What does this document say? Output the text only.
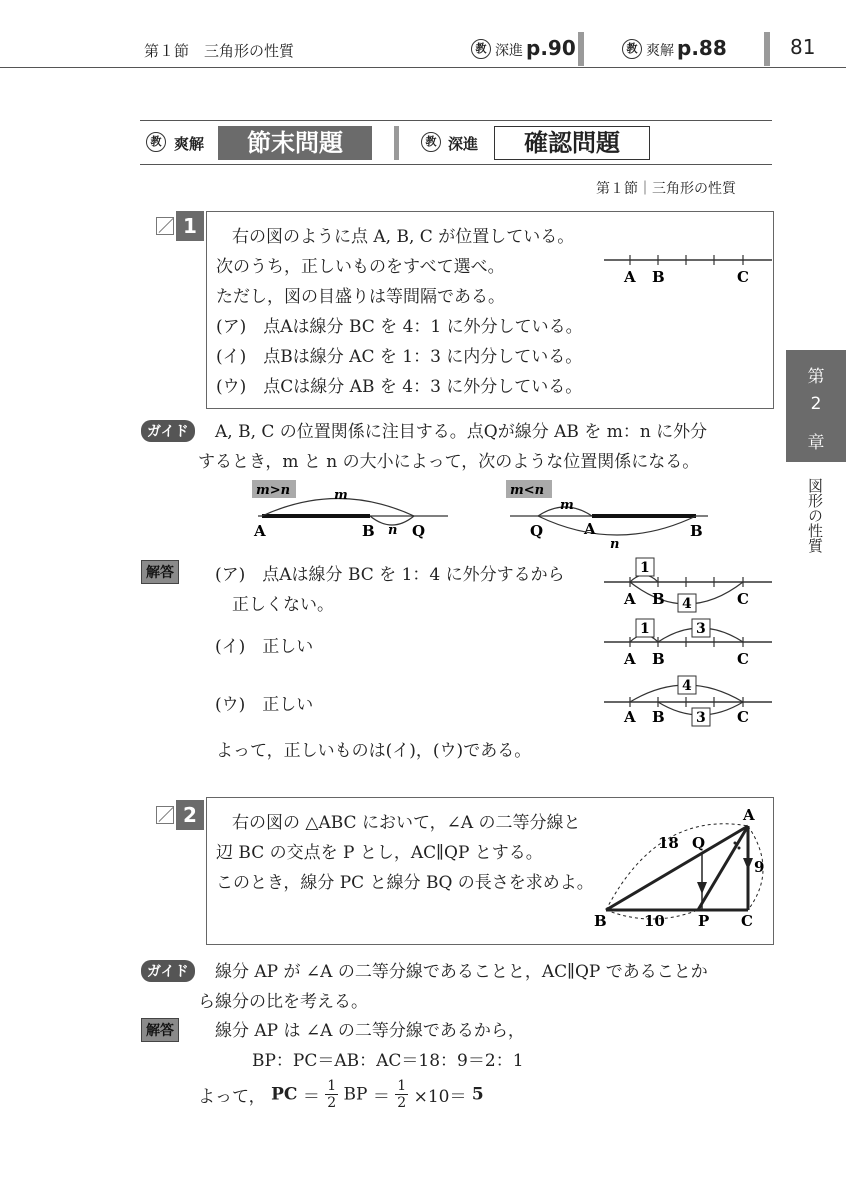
第１節　三角形の性質	教 深進 p.90	教 爽解 p.88	81
教 爽解	節末問題	教 深進	確認問題
第１節｜三角形の性質
第
2
章
図形の性質
1	右の図のように点 A, B, C が位置している。
次のうち，正しいものをすべて選べ。
ただし，図の目盛りは等間隔である。
(ア)　点Aは線分 BC を 4：1 に外分している。
(イ)　点Bは線分 AC を 1：3 に内分している。
(ウ)　点Cは線分 AB を 4：3 に外分している。
A B	C
ガイド	A, B, C の位置関係に注目する。点Qが線分 AB を m：n に外分
するとき，m と n の大小によって，次のような位置関係になる。
m>n	m
n
A	B Q
m<n
m
n
Q	A	B
解答 (ア)　点Aは線分 BC を 1：4 に外分するから
正しくない。
(イ)　正しい
(ウ)　正しい
よって，正しいものは(イ)，(ウ)である。
1
4
1	3
4
3
A B	C
A B	C
A B	C
2	右の図の △ABC において，∠A の二等分線と
辺 BC の交点を P とし，AC∥QP とする。
このとき，線分 PC と線分 BQ の長さを求めよ。
A
B	C
P
Q
18
9
10
ガイド	線分 AP が ∠A の二等分線であることと，AC∥QP であることか
ら線分の比を考える。
解答 線分 AP は ∠A の二等分線であるから，
BP：PC＝AB：AC＝18：9＝2：1
よって， PC ＝ $\frac{1}{2}$ BP ＝ $\frac{1}{2} \times 10= 5$
